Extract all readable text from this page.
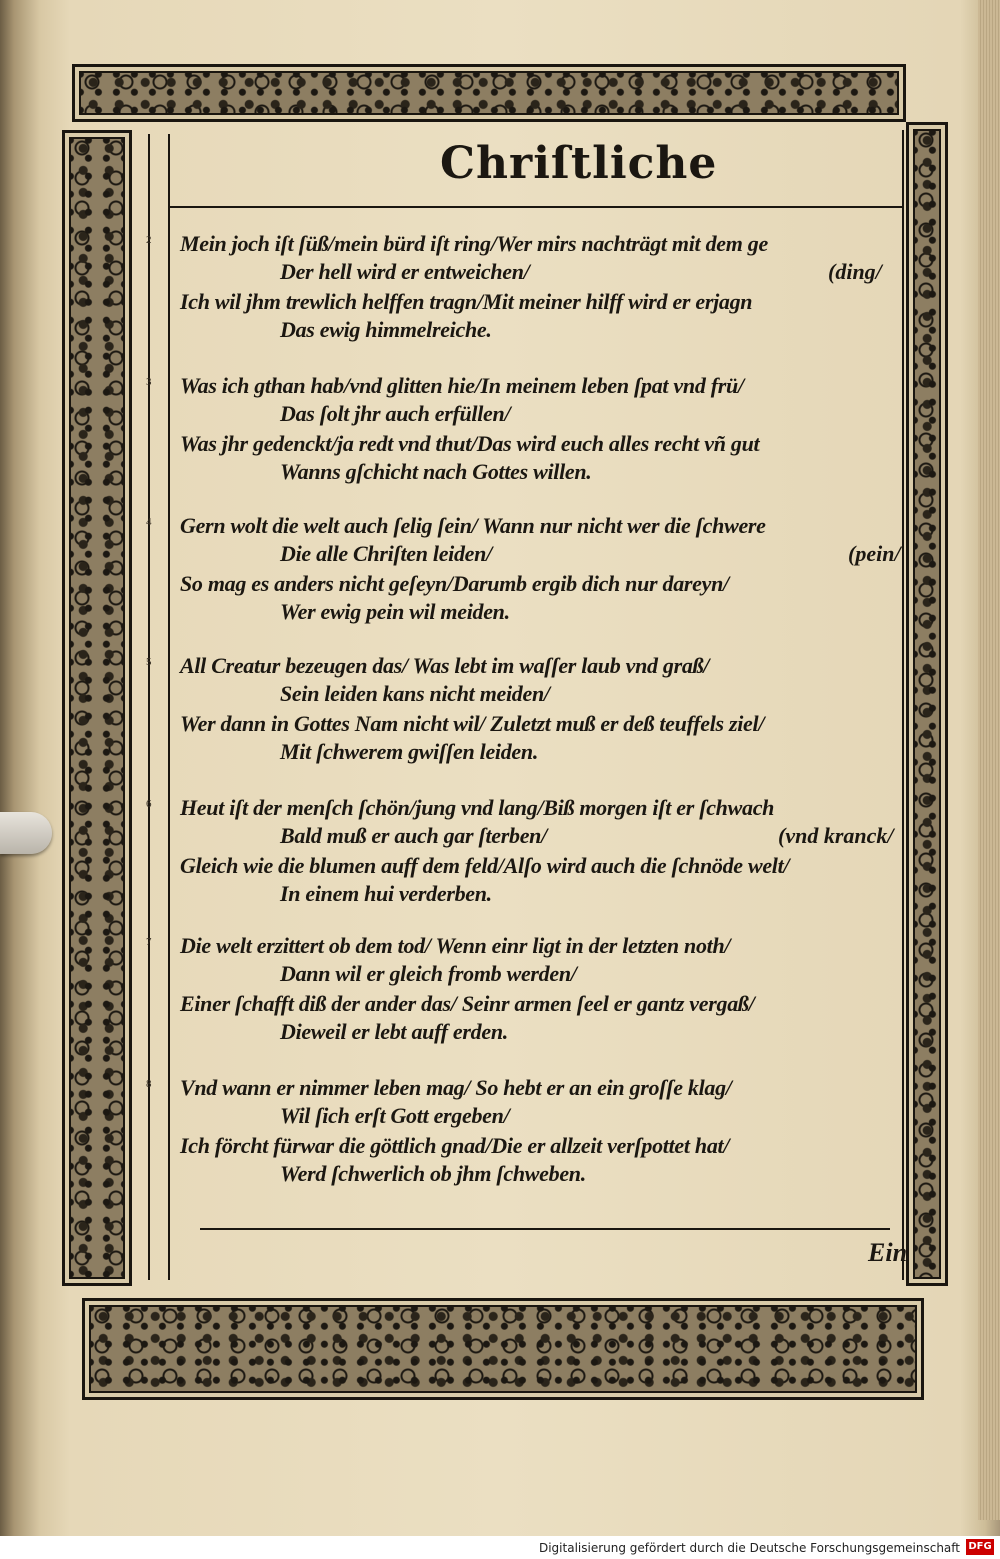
Chriſtliche
2 Mein joch iſt ſüß/mein bürd iſt ring/Wer mirs nachträgt mit dem ge
Der hell wird er entweichen/	(ding/
Ich wil jhm trewlich helffen tragn/Mit meiner hilff wird er erjagn
Das ewig himmelreiche.
3 Was ich gthan hab/vnd glitten hie/In meinem leben ſpat vnd frü/
Das ſolt jhr auch erfüllen/
Was jhr gedenckt/ja redt vnd thut/Das wird euch alles recht vñ gut
Wanns gſchicht nach Gottes willen.
4 Gern wolt die welt auch ſelig ſein/ Wann nur nicht wer die ſchwere
Die alle Chriſten leiden/	(pein/
So mag es anders nicht geſeyn/Darumb ergib dich nur dareyn/
Wer ewig pein wil meiden.
5 All Creatur bezeugen das/ Was lebt im waſſer laub vnd graß/
Sein leiden kans nicht meiden/
Wer dann in Gottes Nam nicht wil/ Zuletzt muß er deß teuffels ziel/
Mit ſchwerem gwiſſen leiden.
6 Heut iſt der menſch ſchön/jung vnd lang/Biß morgen iſt er ſchwach
Bald muß er auch gar ſterben/	(vnd kranck/
Gleich wie die blumen auff dem feld/Alſo wird auch die ſchnöde welt/
In einem hui verderben.
7 Die welt erzittert ob dem tod/ Wenn einr ligt in der letzten noth/
Dann wil er gleich fromb werden/
Einer ſchafft diß der ander das/ Seinr armen ſeel er gantz vergaß/
Dieweil er lebt auff erden.
8 Vnd wann er nimmer leben mag/ So hebt er an ein groſſe klag/
Wil ſich erſt Gott ergeben/
Ich förcht fürwar die göttlich gnad/Die er allzeit verſpottet hat/
Werd ſchwerlich ob jhm ſchweben.
Ein
Digitalisierung gefördert durch die Deutsche Forschungsgemeinschaft DFG
